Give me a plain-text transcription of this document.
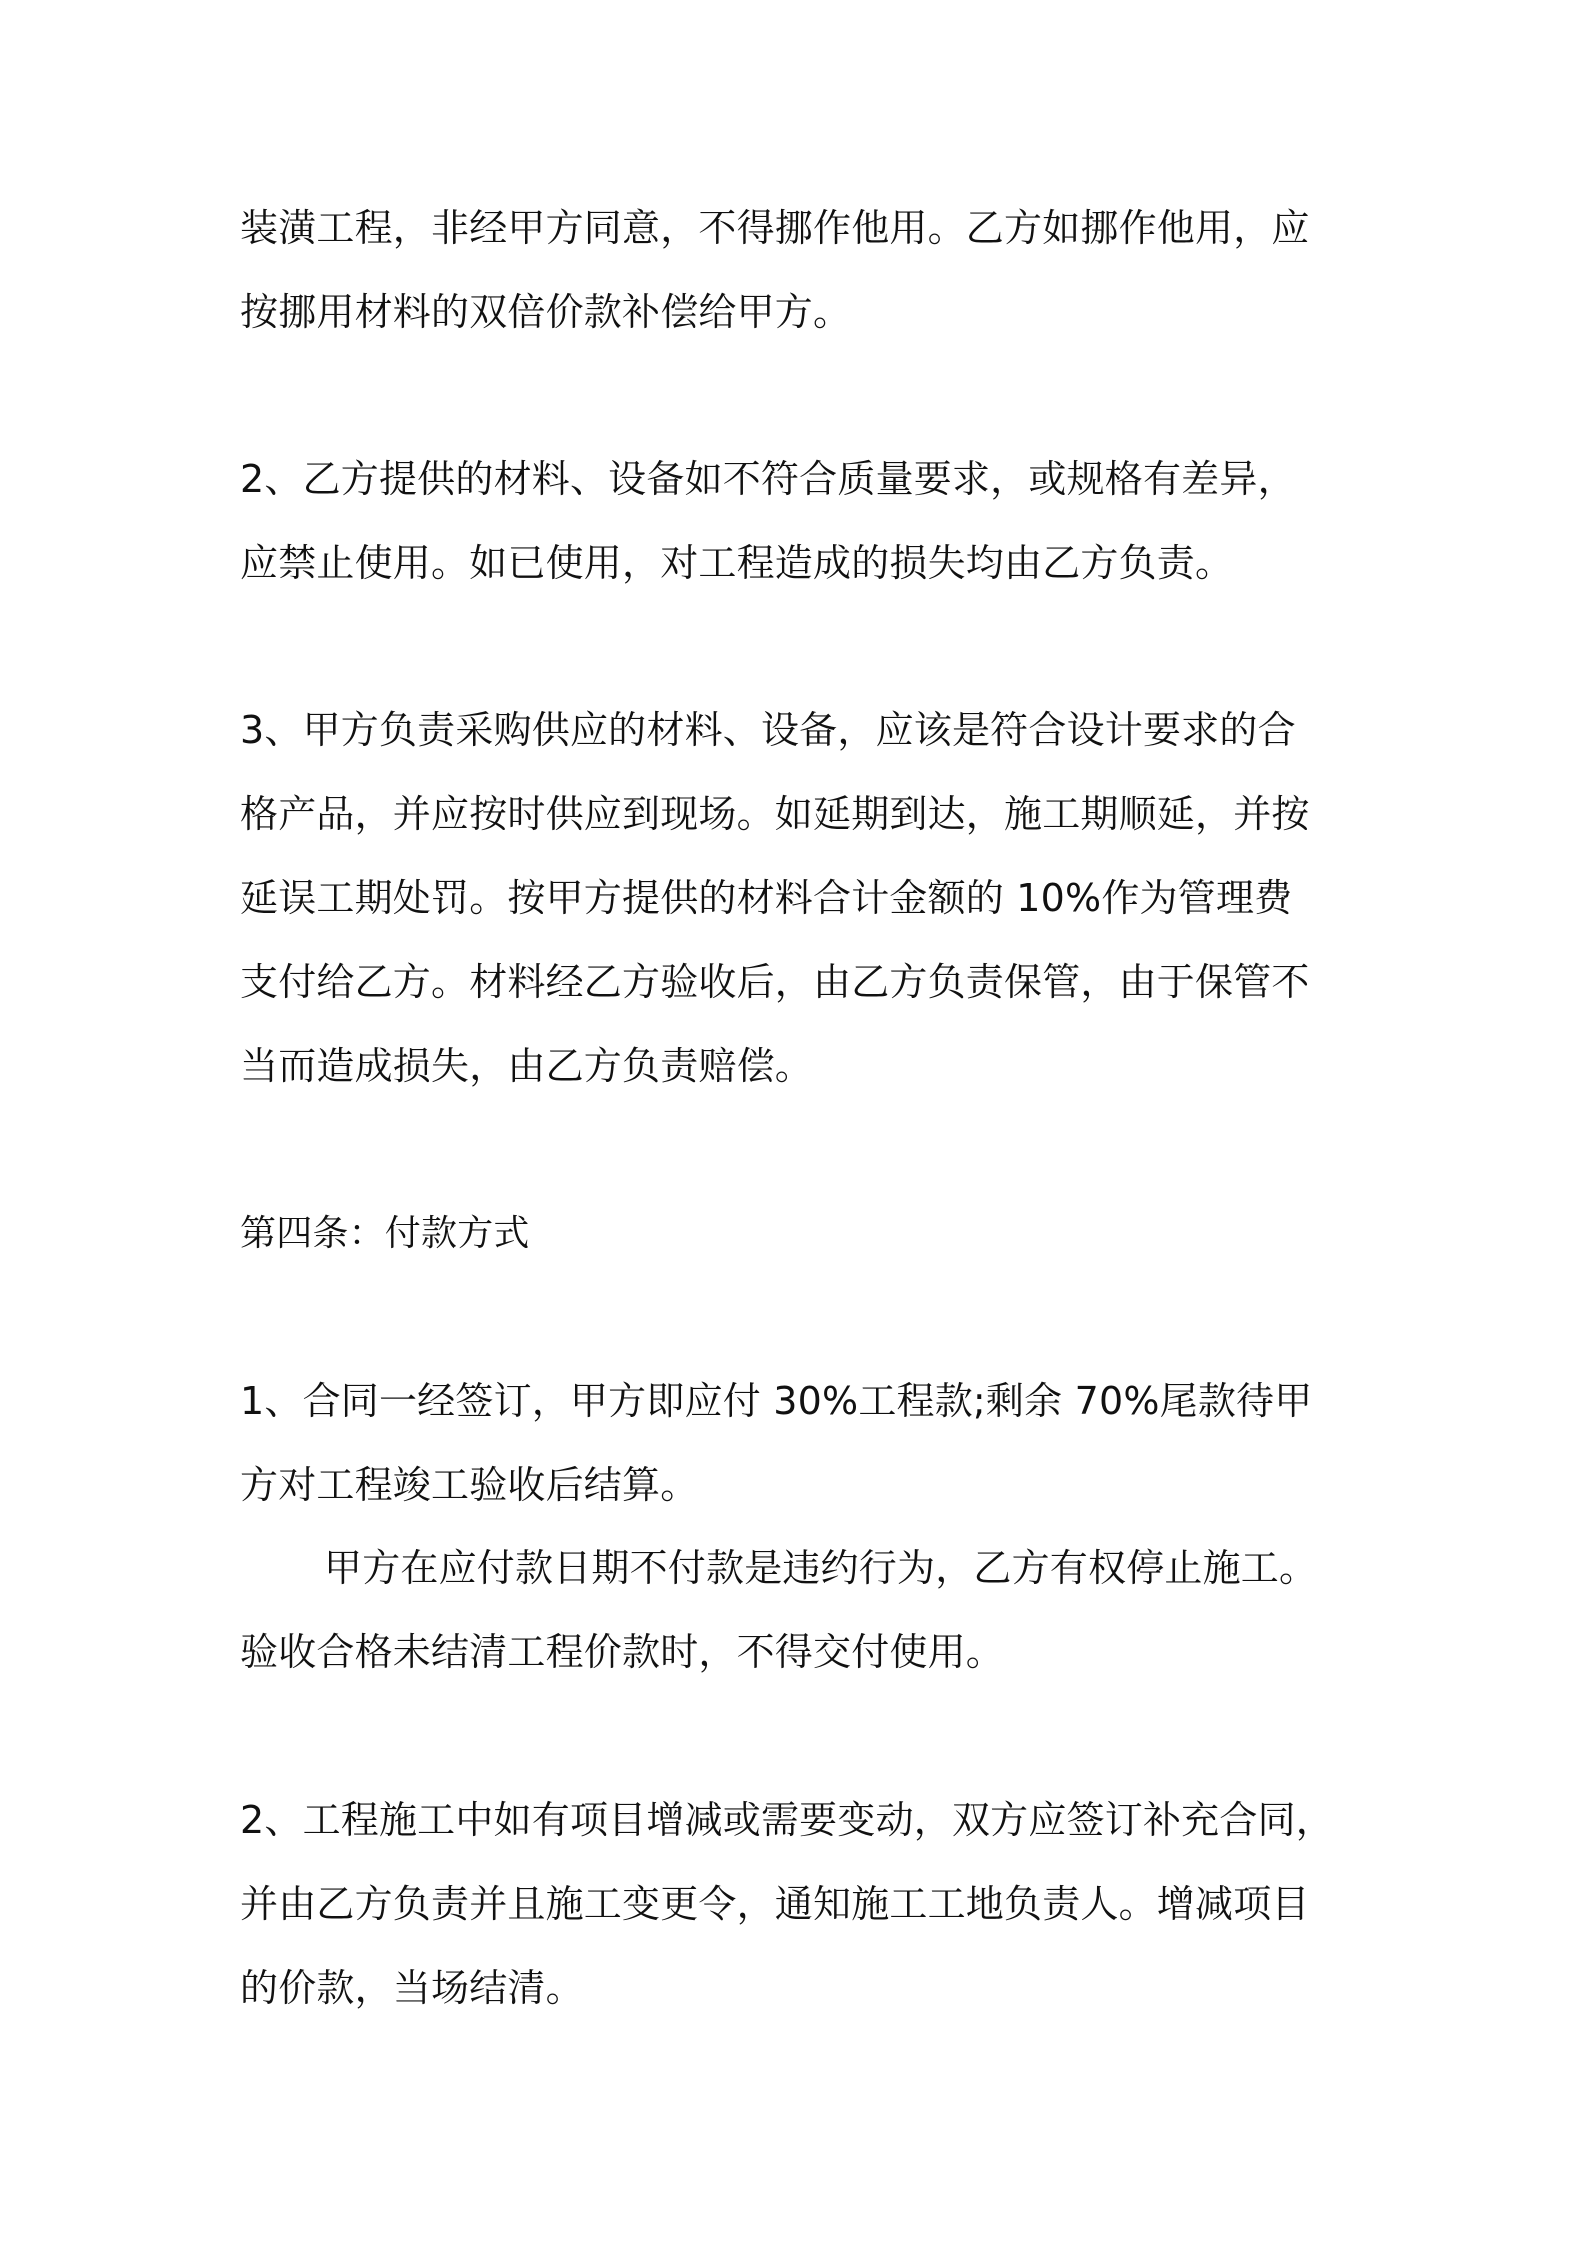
装潢工程，非经甲方同意，不得挪作他用。乙方如挪作他用，应
按挪用材料的双倍价款补偿给甲方。
2、乙方提供的材料、设备如不符合质量要求，或规格有差异，
应禁止使用。如已使用，对工程造成的损失均由乙方负责。
3、甲方负责采购供应的材料、设备，应该是符合设计要求的合
格产品，并应按时供应到现场。如延期到达，施工期顺延，并按
延误工期处罚。按甲方提供的材料合计金额的 10%作为管理费
支付给乙方。材料经乙方验收后，由乙方负责保管，由于保管不
当而造成损失，由乙方负责赔偿。
第四条：付款方式
1、合同一经签订，甲方即应付 30%工程款;剩余 70%尾款待甲
方对工程竣工验收后结算。
甲方在应付款日期不付款是违约行为，乙方有权停止施工。
验收合格未结清工程价款时，不得交付使用。
2、工程施工中如有项目增减或需要变动，双方应签订补充合同，
并由乙方负责并且施工变更令，通知施工工地负责人。增减项目
的价款，当场结清。
